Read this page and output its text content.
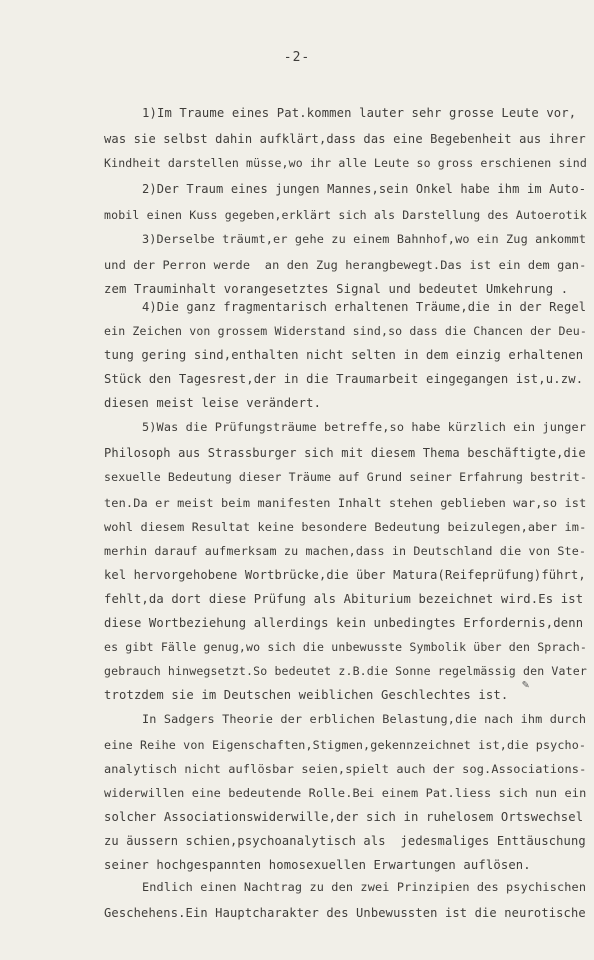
-2-
1)Im Traume eines Pat.kommen lauter sehr grosse Leute vor,
was sie selbst dahin aufklärt,dass das eine Begebenheit aus ihrer
Kindheit darstellen müsse,wo ihr alle Leute so gross erschienen sind
2)Der Traum eines jungen Mannes,sein Onkel habe ihm im Auto-
mobil einen Kuss gegeben,erklärt sich als Darstellung des Autoerotik
3)Derselbe träumt,er gehe zu einem Bahnhof,wo ein Zug ankommt
und der Perron werde  an den Zug herangbewegt.Das ist ein dem gan-
zem Trauminhalt vorangesetztes Signal und bedeutet Umkehrung .
4)Die ganz fragmentarisch erhaltenen Träume,die in der Regel
ein Zeichen von grossem Widerstand sind,so dass die Chancen der Deu-
tung gering sind,enthalten nicht selten in dem einzig erhaltenen
Stück den Tagesrest,der in die Traumarbeit eingegangen ist,u.zw.
diesen meist leise verändert.
5)Was die Prüfungsträume betreffe,so habe kürzlich ein junger
Philosoph aus Strassburger sich mit diesem Thema beschäftigte,die
sexuelle Bedeutung dieser Träume auf Grund seiner Erfahrung bestrit-
ten.Da er meist beim manifesten Inhalt stehen geblieben war,so ist
wohl diesem Resultat keine besondere Bedeutung beizulegen,aber im-
merhin darauf aufmerksam zu machen,dass in Deutschland die von Ste-
kel hervorgehobene Wortbrücke,die über Matura(Reifeprüfung)führt,
fehlt,da dort diese Prüfung als Abiturium bezeichnet wird.Es ist
diese Wortbeziehung allerdings kein unbedingtes Erfordernis,denn
es gibt Fälle genug,wo sich die unbewusste Symbolik über den Sprach-
gebrauch hinwegsetzt.So bedeutet z.B.die Sonne regelmässig den Vater
trotzdem sie im Deutschen weiblichen Geschlechtes ist.
In Sadgers Theorie der erblichen Belastung,die nach ihm durch
eine Reihe von Eigenschaften,Stigmen,gekennzeichnet ist,die psycho-
analytisch nicht auflösbar seien,spielt auch der sog.Associations-
widerwillen eine bedeutende Rolle.Bei einem Pat.liess sich nun ein
solcher Associationswiderwille,der sich in ruhelosem Ortswechsel
zu äussern schien,psychoanalytisch als  jedesmaliges Enttäuschung
seiner hochgespannten homosexuellen Erwartungen auflösen.
Endlich einen Nachtrag zu den zwei Prinzipien des psychischen
Geschehens.Ein Hauptcharakter des Unbewussten ist die neurotische
✎
